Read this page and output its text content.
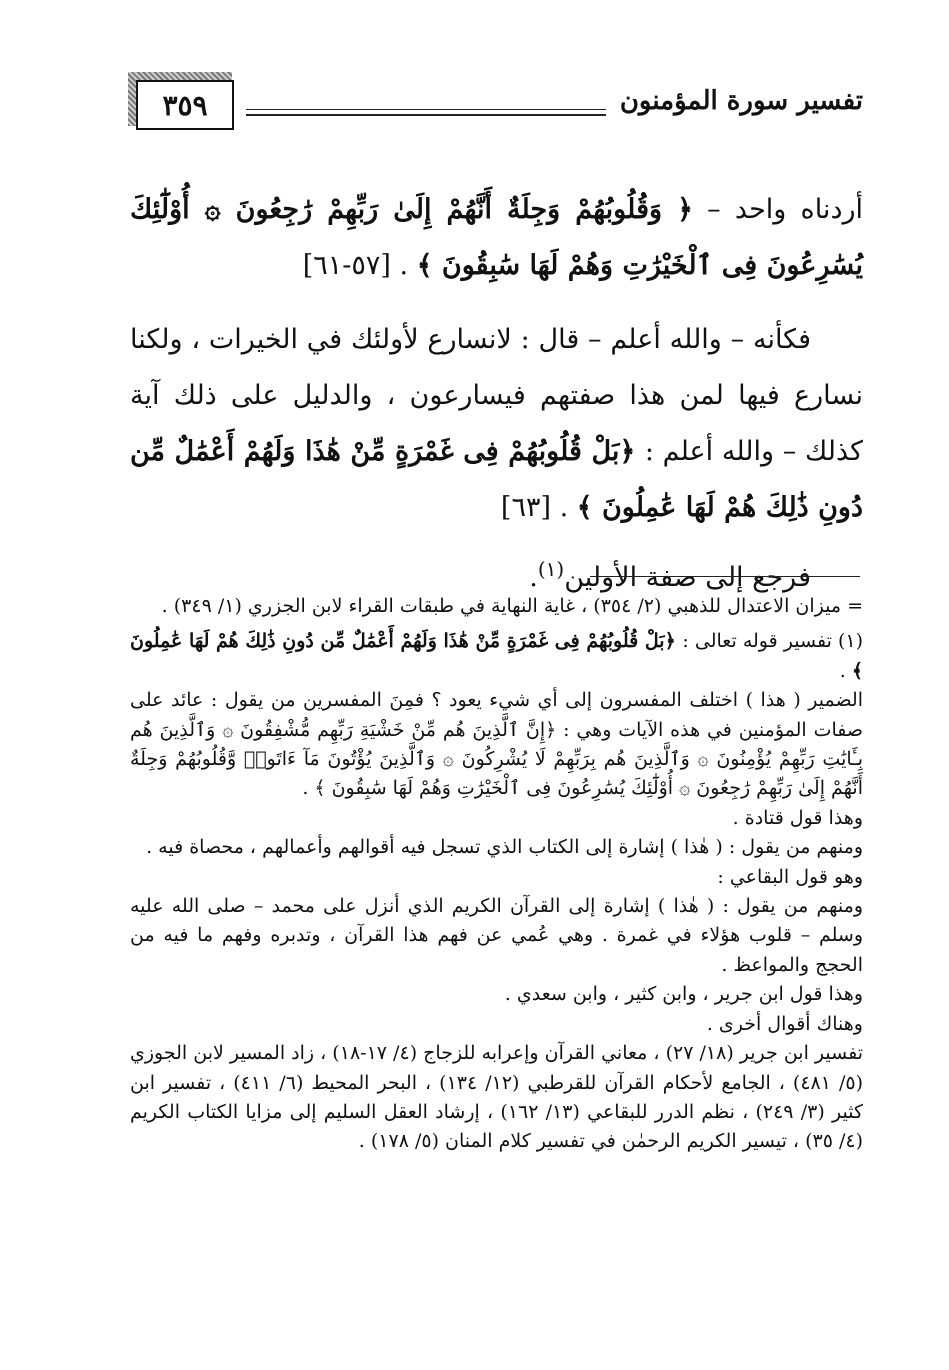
٣٥٩	تفسير سورة المؤمنون

أردناه واحد – ﴿ وَقُلُوبُهُمْ وَجِلَةٌ أَنَّهُمْ إِلَىٰ رَبِّهِمْ رَٰجِعُونَ ۞ أُوْلَٰٓئِكَ يُسَٰرِعُونَ فِى ٱلْخَيْرَٰتِ وَهُمْ لَهَا سَٰبِقُونَ ﴾ . [٥٧-٦١]

فكأنه – والله أعلم – قال : لانسارع لأولئك في الخيرات ، ولكنا نسارع فيها لمن هذا صفتهم فيسارعون ، والدليل على ذلك آية كذلك – والله أعلم : ﴿بَلْ قُلُوبُهُمْ فِى غَمْرَةٍ مِّنْ هَٰذَا وَلَهُمْ أَعْمَٰلٌ مِّن دُونِ ذَٰلِكَ هُمْ لَهَا عَٰمِلُونَ ﴾ . [٦٣]

فرجع إلى صفة الأولين$^{(١)}$.

= ميزان الاعتدال للذهبي (٢/ ٣٥٤) ، غاية النهاية في طبقات القراء لابن الجزري (١/ ٣٤٩) .

(١) تفسير قوله تعالى : ﴿بَلْ قُلُوبُهُمْ فِى غَمْرَةٍ مِّنْ هَٰذَا وَلَهُمْ أَعْمَٰلٌ مِّن دُونِ ذَٰلِكَ هُمْ لَهَا عَٰمِلُونَ ﴾ .

الضمير ( هذا ) اختلف المفسرون إلى أي شيء يعود ؟ فمِنَ المفسرين من يقول : عائد على صفات المؤمنين في هذه الآيات وهي : ﴿إِنَّ ٱلَّذِينَ هُم مِّنْ خَشْيَةِ رَبِّهِم مُّشْفِقُونَ ۞ وَٱلَّذِينَ هُم بِـَٔايَٰتِ رَبِّهِمْ يُؤْمِنُونَ ۞ وَٱلَّذِينَ هُم بِرَبِّهِمْ لَا يُشْرِكُونَ ۞ وَٱلَّذِينَ يُؤْتُونَ مَآ ءَاتَوا۟ وَّقُلُوبُهُمْ وَجِلَةٌ أَنَّهُمْ إِلَىٰ رَبِّهِمْ رَٰجِعُونَ ۞ أُوْلَٰٓئِكَ يُسَٰرِعُونَ فِى ٱلْخَيْرَٰتِ وَهُمْ لَهَا سَٰبِقُونَ ﴾ .

وهذا قول قتادة .

ومنهم من يقول : ( هٰذا ) إشارة إلى الكتاب الذي تسجل فيه أقوالهم وأعمالهم ، محصاة فيه .

وهو قول البقاعي :

ومنهم من يقول : ( هٰذا ) إشارة إلى القرآن الكريم الذي أنزل على محمد – صلى الله عليه وسلم – قلوب هؤلاء في غمرة . وهي عُمي عن فهم هذا القرآن ، وتدبره وفهم ما فيه من الحجج والمواعظ .

وهذا قول ابن جرير ، وابن كثير ، وابن سعدي .

وهناك أقوال أخرى .

تفسير ابن جرير (١٨/ ٢٧) ، معاني القرآن وإعرابه للزجاج (٤/ ١٧-١٨) ، زاد المسير لابن الجوزي (٥/ ٤٨١) ، الجامع لأحكام القرآن للقرطبي (١٢/ ١٣٤) ، البحر المحيط (٦/ ٤١١) ، تفسير ابن كثير (٣/ ٢٤٩) ، نظم الدرر للبقاعي (١٣/ ١٦٢) ، إرشاد العقل السليم إلى مزايا الكتاب الكريم (٤/ ٣٥) ، تيسير الكريم الرحمٰن في تفسير كلام المنان (٥/ ١٧٨) .
